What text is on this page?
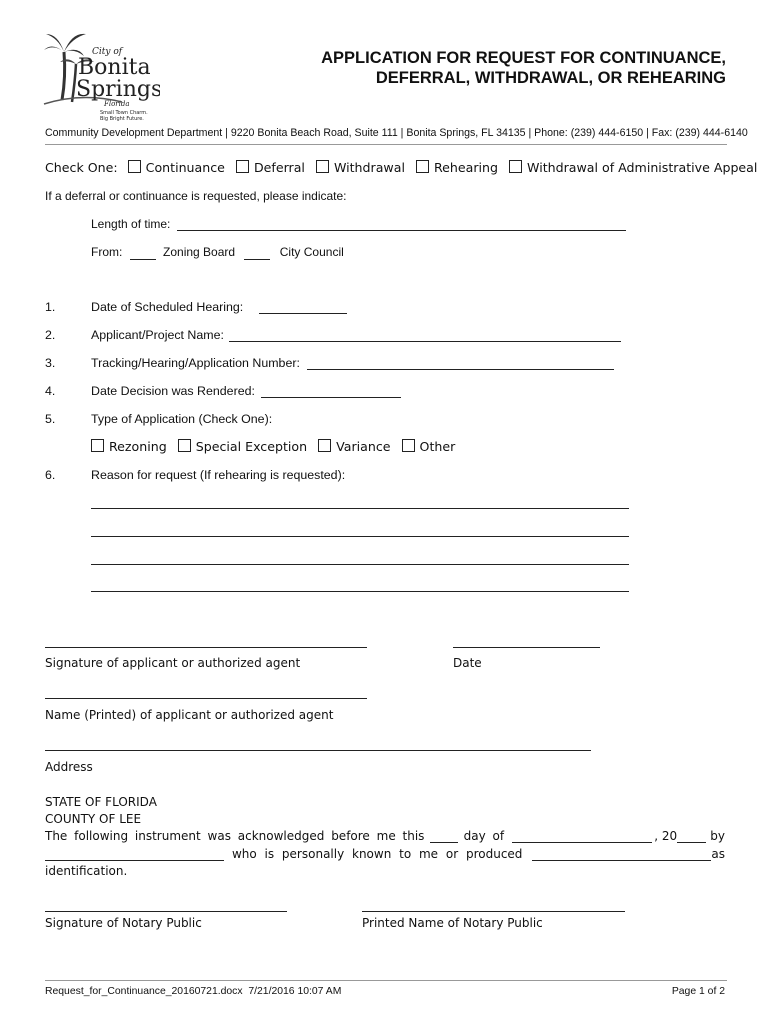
City of
Bonita
Springs
Florida
Small Town Charm.
Big Bright Future.
APPLICATION FOR REQUEST FOR CONTINUANCE,
DEFERRAL, WITHDRAWAL, OR REHEARING
Community Development Department | 9220 Bonita Beach Road, Suite 111 | Bonita Springs, FL 34135 | Phone: (239) 444-6150 | Fax: (239) 444-6140
Check One: Continuance Deferral Withdrawal Rehearing Withdrawal of Administrative Appeal
If a deferral or continuance is requested, please indicate:
Length of time:
From:	Zoning Board	City Council
1.	Date of Scheduled Hearing:
2.	Applicant/Project Name:
3.	Tracking/Hearing/Application Number:
4.	Date Decision was Rendered:
5.	Type of Application (Check One):
Rezoning Special Exception Variance Other
6.	Reason for request (If rehearing is requested):
Signature of applicant or authorized agent	Date
Name (Printed) of applicant or authorized agent
Address
STATE OF FLORIDA
COUNTY OF LEE
The following instrument was acknowledged before me this	day of	, 20	by
who is personally known to me or produced	as
identification.
Signature of Notary Public	Printed Name of Notary Public
Request_for_Continuance_20160721.docx  7/21/2016 10:07 AM	Page 1 of 2
